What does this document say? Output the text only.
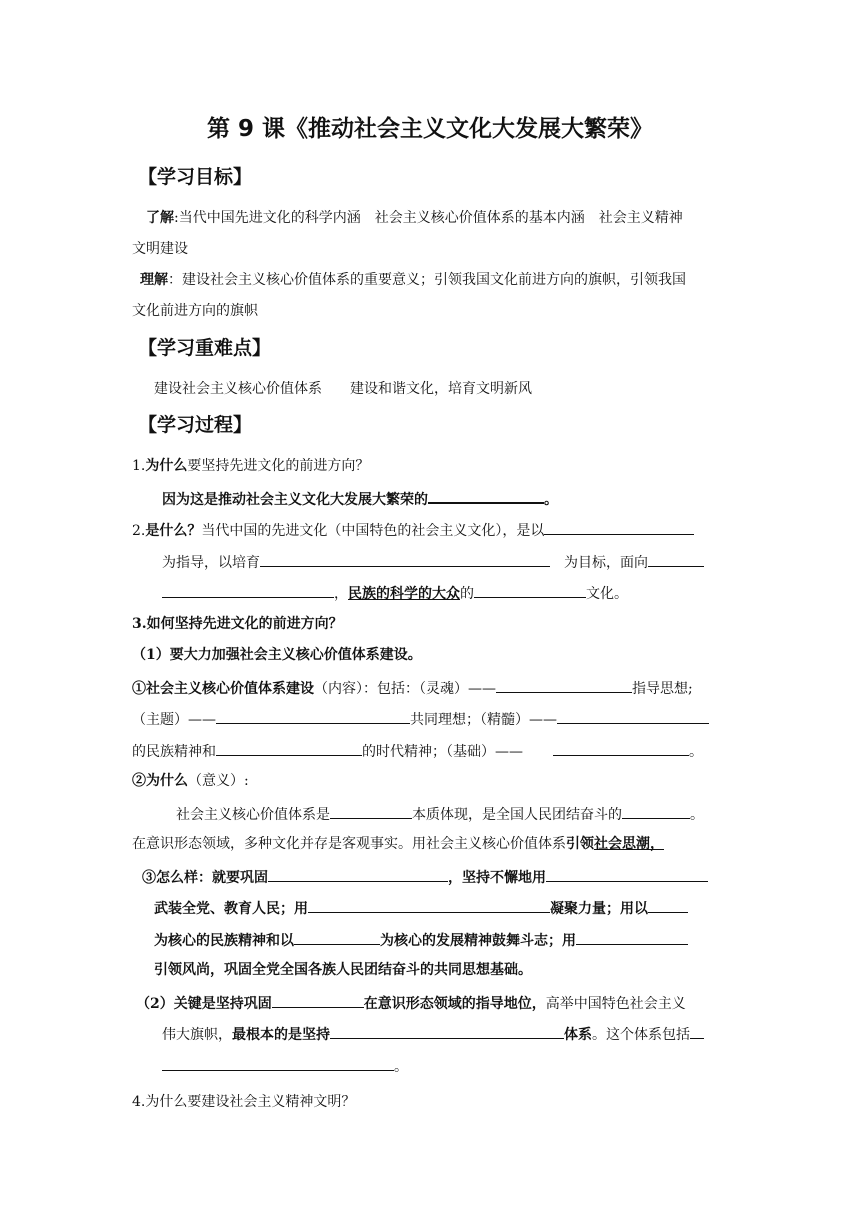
第 9 课《推动社会主义文化大发展大繁荣》
【学习目标】
了解:当代中国先进文化的科学内涵　社会主义核心价值体系的基本内涵　社会主义精神
文明建设
理解：建设社会主义核心价值体系的重要意义；引领我国文化前进方向的旗帜，引领我国
文化前进方向的旗帜
【学习重难点】
建设社会主义核心价值体系　　建设和谐文化，培育文明新风
【学习过程】
1.为什么要坚持先进文化的前进方向？
因为这是推动社会主义文化大发展大繁荣的	。
2.是什么？当代中国的先进文化（中国特色的社会主义文化），是以
为指导，以培育	为目标，面向
，民族的科学的大众的	文化。
3.如何坚持先进文化的前进方向？
（1）要大力加强社会主义核心价值体系建设。
①社会主义核心价值体系建设（内容）：包括：（灵魂）——	指导思想;
（主题）——	共同理想；（精髓）——
的民族精神和	的时代精神；（基础）——	。
②为什么（意义）:
社会主义核心价值体系是	本质体现，是全国人民团结奋斗的	。
在意识形态领域，多种文化并存是客观事实。用社会主义核心价值体系引领社会思潮，
③怎么样：就要巩固	，坚持不懈地用
武装全党、教育人民；用	凝聚力量；用以
为核心的民族精神和以	为核心的发展精神鼓舞斗志；用
引领风尚，巩固全党全国各族人民团结奋斗的共同思想基础。
（2）关键是坚持巩固	在意识形态领域的指导地位，高举中国特色社会主义
伟大旗帜，最根本的是坚持	体系。这个体系包括
。
4.为什么要建设社会主义精神文明？
